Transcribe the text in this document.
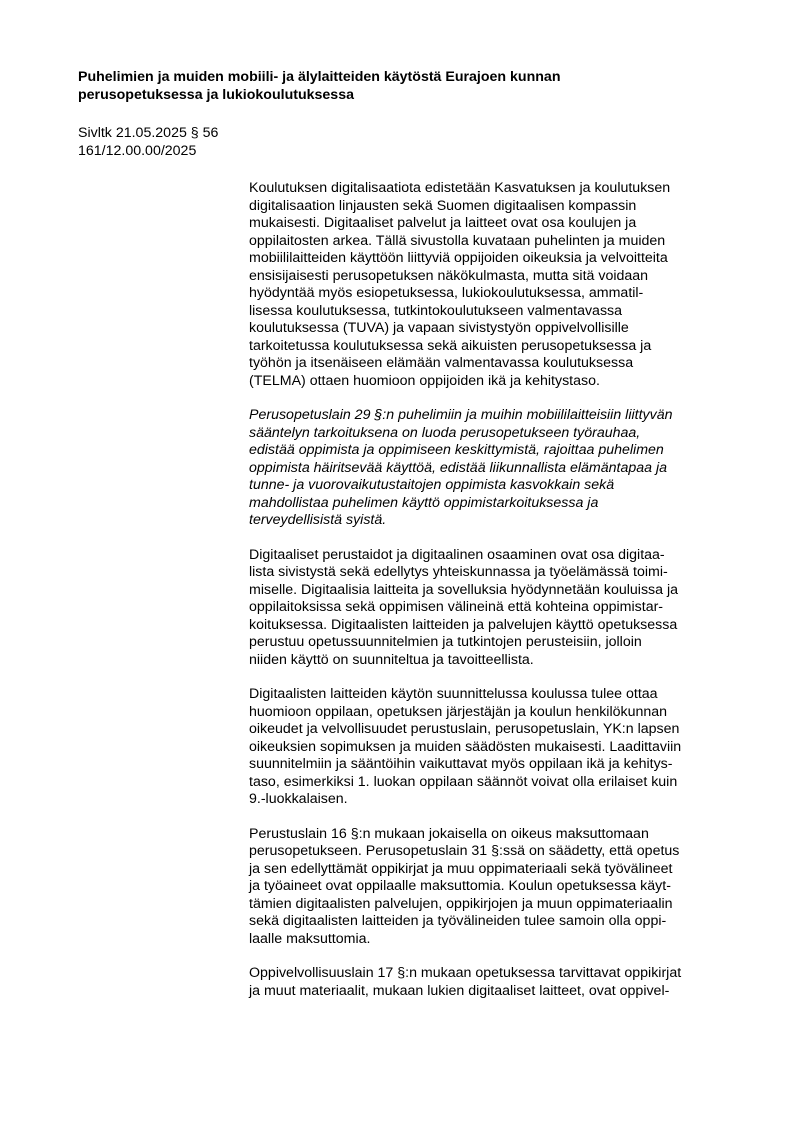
Puhelimien ja muiden mobiili- ja älylaitteiden käytöstä Eurajoen kunnan
perusopetuksessa ja lukiokoulutuksessa
Sivltk 21.05.2025 § 56
161/12.00.00/2025

Koulutuksen digitalisaatiota edistetään Kasvatuksen ja koulutuksen
digitalisaation linjausten sekä Suomen digitaalisen kompassin
mukaisesti. Digitaaliset palvelut ja laitteet ovat osa koulujen ja
oppilaitosten arkea. Tällä sivustolla kuvataan puhelinten ja muiden
mobiililaitteiden käyttöön liittyviä oppijoiden oikeuksia ja velvoitteita
ensisijaisesti perusopetuksen näkökulmasta, mutta sitä voidaan
hyödyntää myös esiopetuksessa, lukiokoulutuksessa, ammatil-
lisessa koulutuksessa, tutkintokoulutukseen valmentavassa
koulutuksessa (TUVA) ja vapaan sivistystyön oppivelvollisille
tarkoitetussa koulutuksessa sekä aikuisten perusopetuksessa ja
työhön ja itsenäiseen elämään valmentavassa koulutuksessa
(TELMA) ottaen huomioon oppijoiden ikä ja kehitystaso.

Perusopetuslain 29 §:n puhelimiin ja muihin mobiililaitteisiin liittyvän
sääntelyn tarkoituksena on luoda perusopetukseen työrauhaa,
edistää oppimista ja oppimiseen keskittymistä, rajoittaa puhelimen
oppimista häiritsevää käyttöä, edistää liikunnallista elämäntapaa ja
tunne- ja vuorovaikutustaitojen oppimista kasvokkain sekä
mahdollistaa puhelimen käyttö oppimistarkoituksessa ja
terveydellisistä syistä.

Digitaaliset perustaidot ja digitaalinen osaaminen ovat osa digitaa-
lista sivistystä sekä edellytys yhteiskunnassa ja työelämässä toimi-
miselle. Digitaalisia laitteita ja sovelluksia hyödynnetään kouluissa ja
oppilaitoksissa sekä oppimisen välineinä että kohteina oppimistar-
koituksessa. Digitaalisten laitteiden ja palvelujen käyttö opetuksessa
perustuu opetussuunnitelmien ja tutkintojen perusteisiin, jolloin
niiden käyttö on suunniteltua ja tavoitteellista.

Digitaalisten laitteiden käytön suunnittelussa koulussa tulee ottaa
huomioon oppilaan, opetuksen järjestäjän ja koulun henkilökunnan
oikeudet ja velvollisuudet perustuslain, perusopetuslain, YK:n lapsen
oikeuksien sopimuksen ja muiden säädösten mukaisesti. Laadittaviin
suunnitelmiin ja sääntöihin vaikuttavat myös oppilaan ikä ja kehitys-
taso, esimerkiksi 1. luokan oppilaan säännöt voivat olla erilaiset kuin
9.-luokkalaisen.

Perustuslain 16 §:n mukaan jokaisella on oikeus maksuttomaan
perusopetukseen. Perusopetuslain 31 §:ssä on säädetty, että opetus
ja sen edellyttämät oppikirjat ja muu oppimateriaali sekä työvälineet
ja työaineet ovat oppilaalle maksuttomia. Koulun opetuksessa käyt-
tämien digitaalisten palvelujen, oppikirjojen ja muun oppimateriaalin
sekä digitaalisten laitteiden ja työvälineiden tulee samoin olla oppi-
laalle maksuttomia.

Oppivelvollisuuslain 17 §:n mukaan opetuksessa tarvittavat oppikirjat
ja muut materiaalit, mukaan lukien digitaaliset laitteet, ovat oppivel-
